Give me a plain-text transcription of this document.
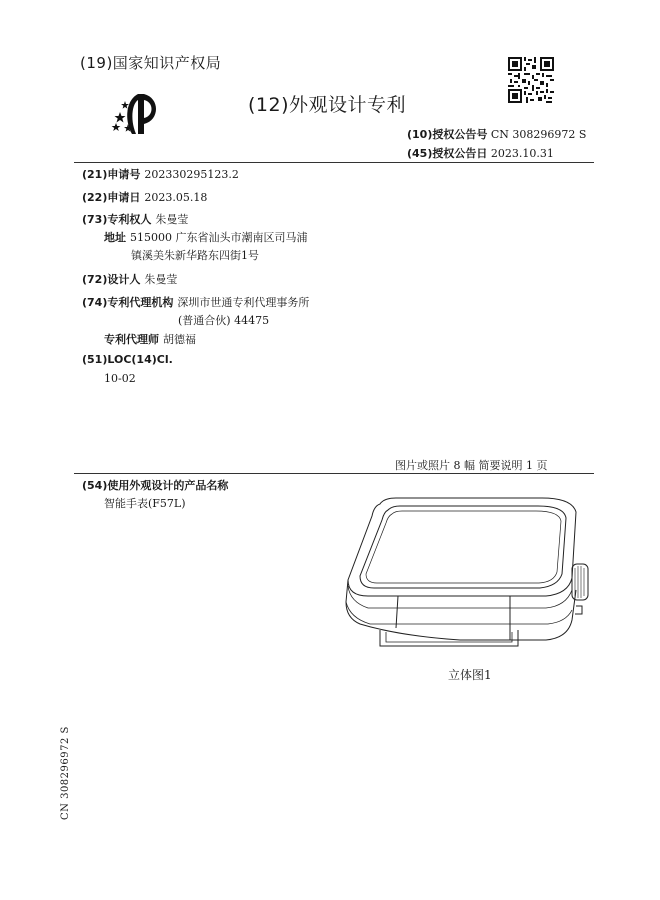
(19)国家知识产权局
(12)外观设计专利
(10)授权公告号 CN 308296972 S
(45)授权公告日 2023.10.31
(21)申请号 202330295123.2
(22)申请日 2023.05.18
(73)专利权人 朱曼莹
地址 515000 广东省汕头市潮南区司马浦
镇溪美朱新华路东四街1号
(72)设计人 朱曼莹
(74)专利代理机构 深圳市世通专利代理事务所
(普通合伙) 44475
专利代理师 胡德福
(51)LOC(14)Cl.
10-02
图片或照片 8 幅 简要说明 1 页
(54)使用外观设计的产品名称
智能手表(F57L)
立体图1
CN 308296972 S
